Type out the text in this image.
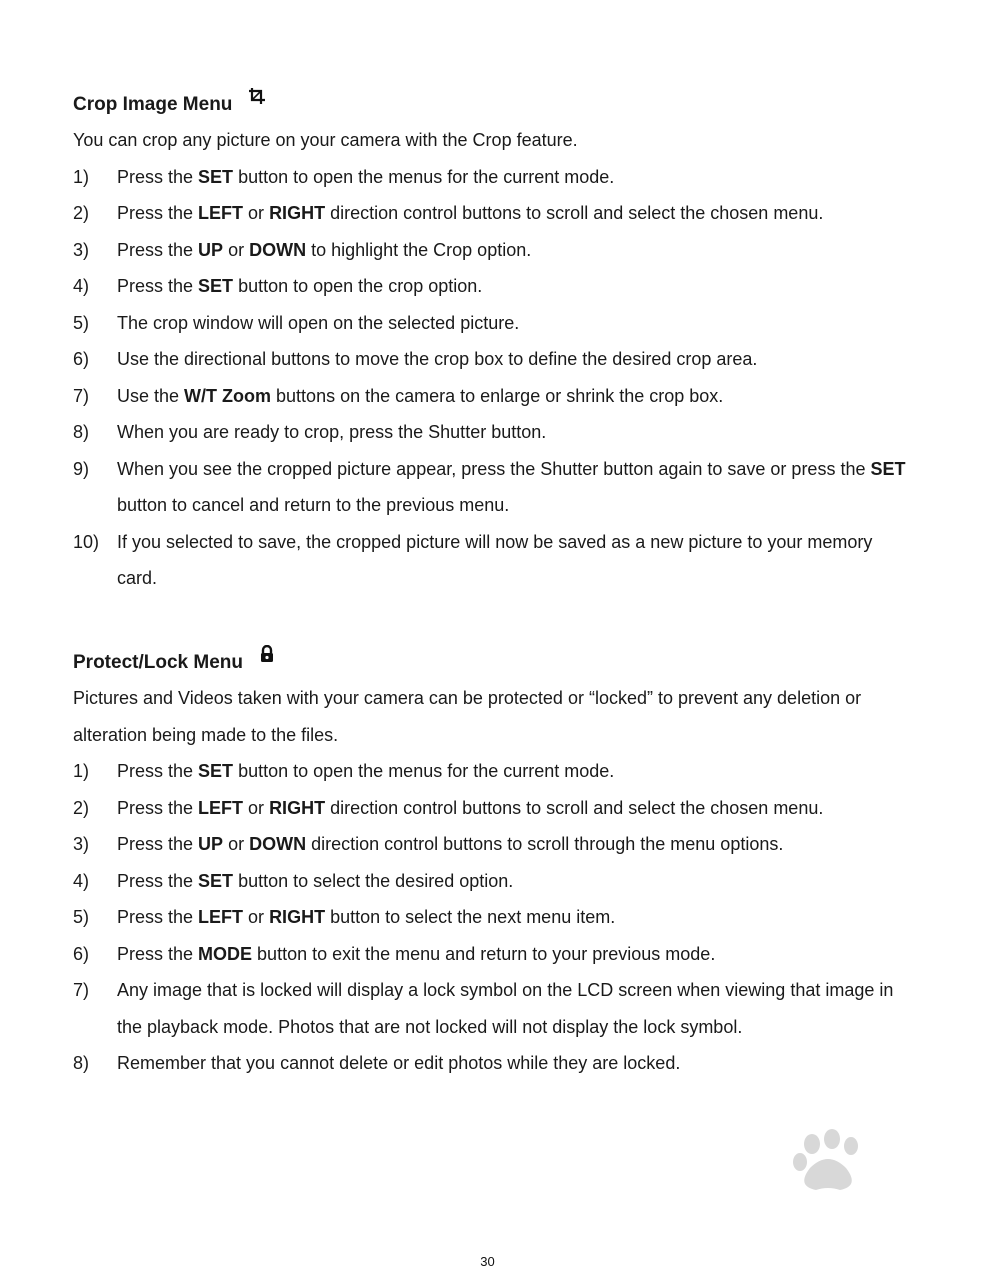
Crop Image Menu

You can crop any picture on your camera with the Crop feature.

1) Press the SET button to open the menus for the current mode.
2) Press the LEFT or RIGHT direction control buttons to scroll and select the chosen menu.
3) Press the UP or DOWN to highlight the Crop option.
4) Press the SET button to open the crop option.
5) The crop window will open on the selected picture.
6) Use the directional buttons to move the crop box to define the desired crop area.
7) Use the W/T Zoom buttons on the camera to enlarge or shrink the crop box.
8) When you are ready to crop, press the Shutter button.
9) When you see the cropped picture appear, press the Shutter button again to save or press the SET button to cancel and return to the previous menu.
10) If you selected to save, the cropped picture will now be saved as a new picture to your memory card.
Protect/Lock Menu

Pictures and Videos taken with your camera can be protected or “locked” to prevent any deletion or alteration being made to the files.

1) Press the SET button to open the menus for the current mode.
2) Press the LEFT or RIGHT direction control buttons to scroll and select the chosen menu.
3) Press the UP or DOWN direction control buttons to scroll through the menu options.
4) Press the SET button to select the desired option.
5) Press the LEFT or RIGHT button to select the next menu item.
6) Press the MODE button to exit the menu and return to your previous mode.
7) Any image that is locked will display a lock symbol on the LCD screen when viewing that image in the playback mode. Photos that are not locked will not display the lock symbol.
8) Remember that you cannot delete or edit photos while they are locked.
30
